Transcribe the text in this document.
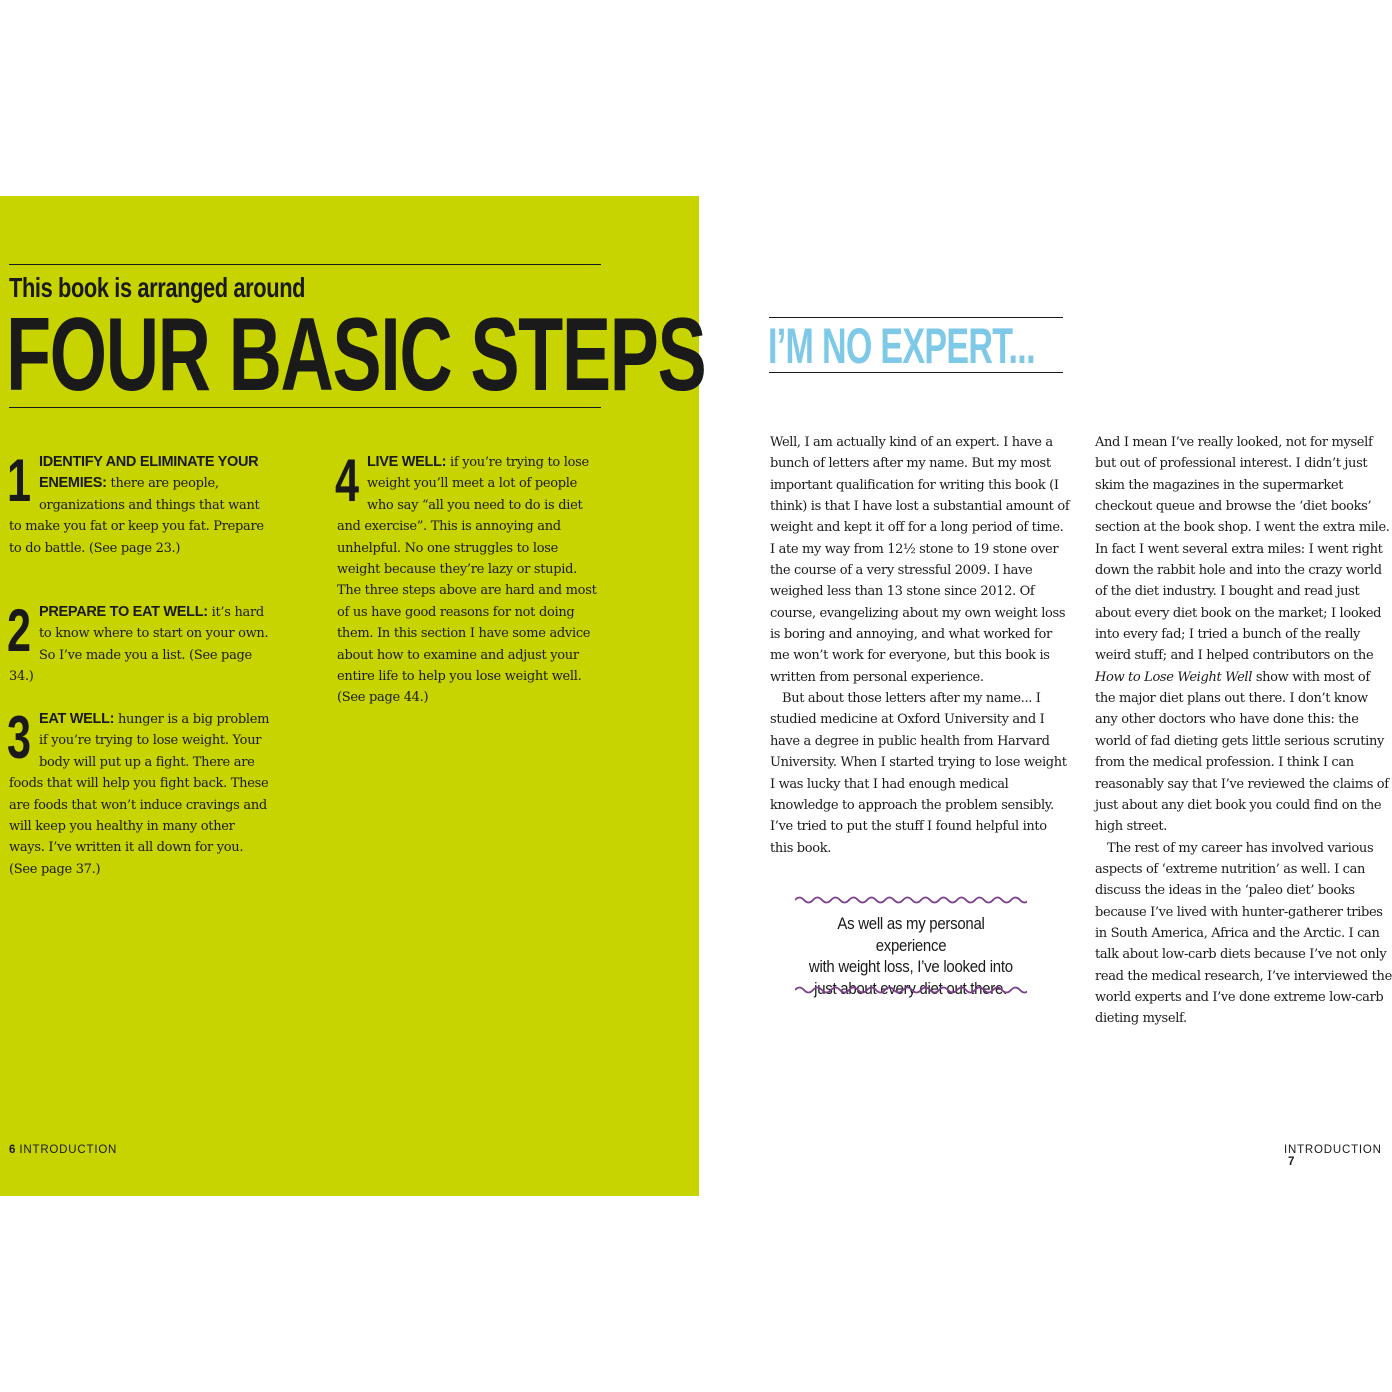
This book is arranged around
FOUR BASIC STEPS
1 IDENTIFY AND ELIMINATE YOUR ENEMIES: there are people, organizations and things that want to make you fat or keep you fat. Prepare to do battle. (See page 23.)
2 PREPARE TO EAT WELL: it’s hard to know where to start on your own. So I’ve made you a list. (See page 34.)
3 EAT WELL: hunger is a big problem if you’re trying to lose weight. Your body will put up a fight. There are foods that will help you fight back. These are foods that won’t induce cravings and will keep you healthy in many other ways. I’ve written it all down for you. (See page 37.)
4 LIVE WELL: if you’re trying to lose weight you’ll meet a lot of people who say “all you need to do is diet and exercise”. This is annoying and unhelpful. No one struggles to lose weight because they’re lazy or stupid. The three steps above are hard and most of us have good reasons for not doing them. In this section I have some advice about how to examine and adjust your entire life to help you lose weight well. (See page 44.)
6 INTRODUCTION
I’M NO EXPERT...

Well, I am actually kind of an expert. I have a bunch of letters after my name. But my most important qualification for writing this book (I think) is that I have lost a substantial amount of weight and kept it off for a long period of time. I ate my way from 12½ stone to 19 stone over the course of a very stressful 2009. I have weighed less than 13 stone since 2012. Of course, evangelizing about my own weight loss is boring and annoying, and what worked for me won’t work for everyone, but this book is written from personal experience.

But about those letters after my name... I studied medicine at Oxford University and I have a degree in public health from Harvard University. When I started trying to lose weight I was lucky that I had enough medical knowledge to approach the problem sensibly. I’ve tried to put the stuff I found helpful into this book.

And I mean I’ve really looked, not for myself but out of professional interest. I didn’t just skim the magazines in the supermarket checkout queue and browse the ‘diet books’ section at the book shop. I went the extra mile. In fact I went several extra miles: I went right down the rabbit hole and into the crazy world of the diet industry. I bought and read just about every diet book on the market; I looked into every fad; I tried a bunch of the really weird stuff; and I helped contributors on the How to Lose Weight Well show with most of the major diet plans out there. I don’t know any other doctors who have done this: the world of fad dieting gets little serious scrutiny from the medical profession. I think I can reasonably say that I’ve reviewed the claims of just about any diet book you could find on the high street.

The rest of my career has involved various aspects of ‘extreme nutrition’ as well. I can discuss the ideas in the ‘paleo diet’ books because I’ve lived with hunter-gatherer tribes in South America, Africa and the Arctic. I can talk about low-carb diets because I’ve not only read the medical research, I’ve interviewed the world experts and I’ve done extreme low-carb dieting myself.

As well as my personal experience
with weight loss, I’ve looked into
just about every diet out there.
INTRODUCTION 7
